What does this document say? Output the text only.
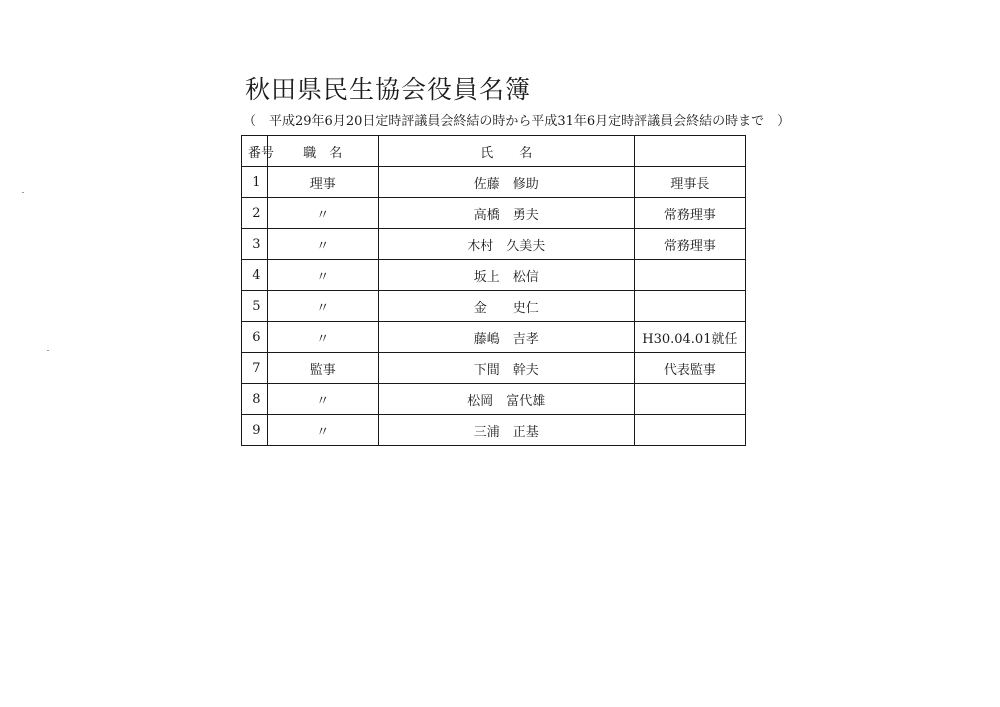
秋田県民生協会役員名簿
（　平成29年6月20日定時評議員会終結の時から平成31年6月定時評議員会終結の時まで　）
番号	職　名	氏　　名	
1	理事	佐藤　修助	理事長
2	〃	高橋　勇夫	常務理事
3	〃	木村　久美夫	常務理事
4	〃	坂上　松信	
5	〃	金　　史仁	
6	〃	藤嶋　吉孝	H30.04.01就任
7	監事	下間　幹夫	代表監事
8	〃	松岡　富代雄	
9	〃	三浦　正基	
